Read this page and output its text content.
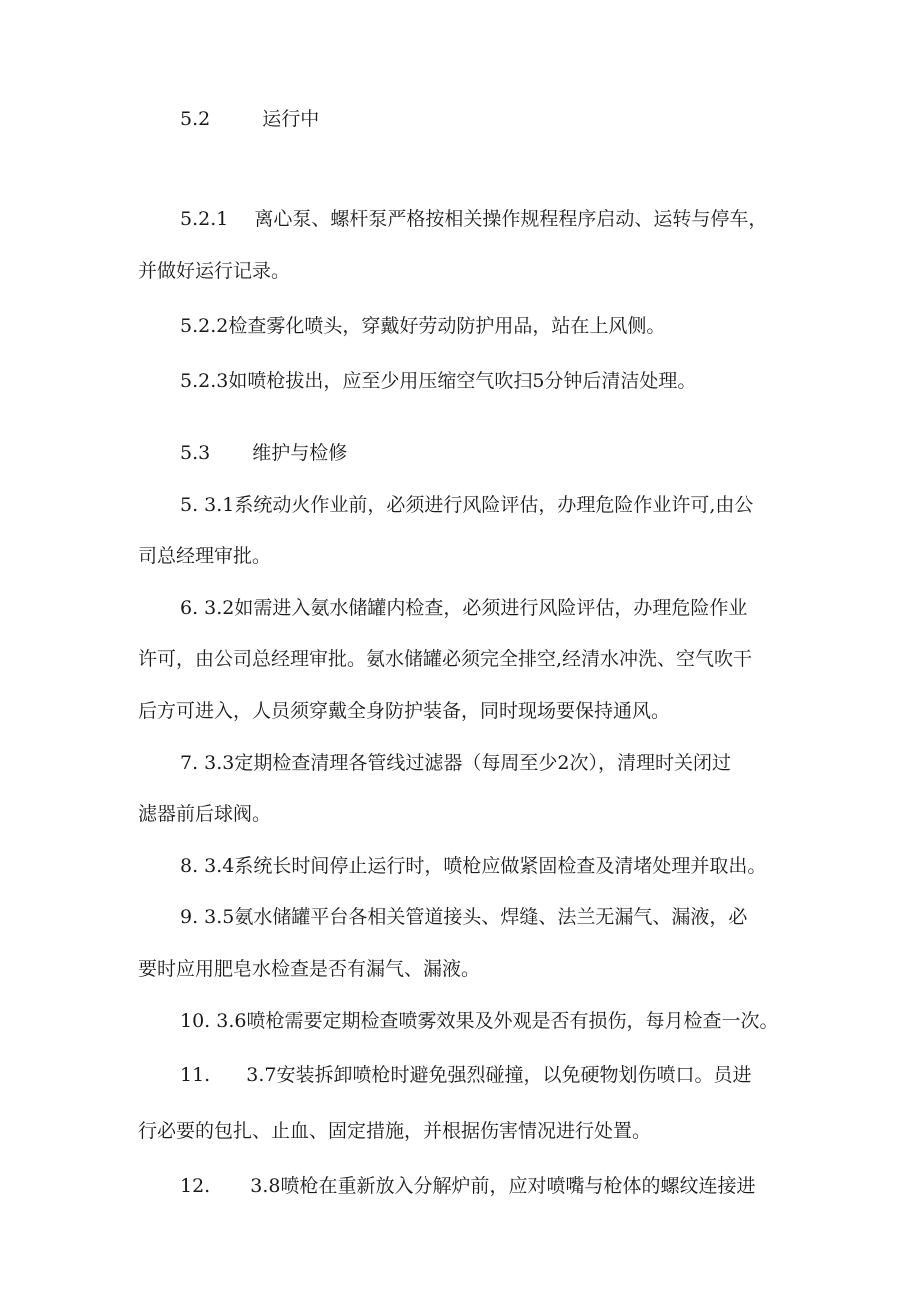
5.2	运行中
5.2.1 离心泵、螺杆泵严格按相关操作规程程序启动、运转与停车，
并做好运行记录。
5.2.2检查雾化喷头，穿戴好劳动防护用品，站在上风侧。
5.2.3如喷枪拔出，应至少用压缩空气吹扫5分钟后清洁处理。
5.3 维护与检修
5. 3.1系统动火作业前，必须进行风险评估，办理危险作业许可,由公
司总经理审批。
6. 3.2如需进入氨水储罐内检查，必须进行风险评估，办理危险作业
许可，由公司总经理审批。氨水储罐必须完全排空,经清水冲洗、空气吹干
后方可进入，人员须穿戴全身防护装备，同时现场要保持通风。
7. 3.3定期检查清理各管线过滤器（每周至少2次），清理时关闭过
滤器前后球阀。
8. 3.4系统长时间停止运行时，喷枪应做紧固检查及清堵处理并取出。
9. 3.5氨水储罐平台各相关管道接头、焊缝、法兰无漏气、漏液，必
要时应用肥皂水检查是否有漏气、漏液。
10. 3.6喷枪需要定期检查喷雾效果及外观是否有损伤，每月检查一次。
11. 3.7安装拆卸喷枪时避免强烈碰撞，以免硬物划伤喷口。员进
行必要的包扎、止血、固定措施，并根据伤害情况进行处置。
12. 3.8喷枪在重新放入分解炉前，应对喷嘴与枪体的螺纹连接进
